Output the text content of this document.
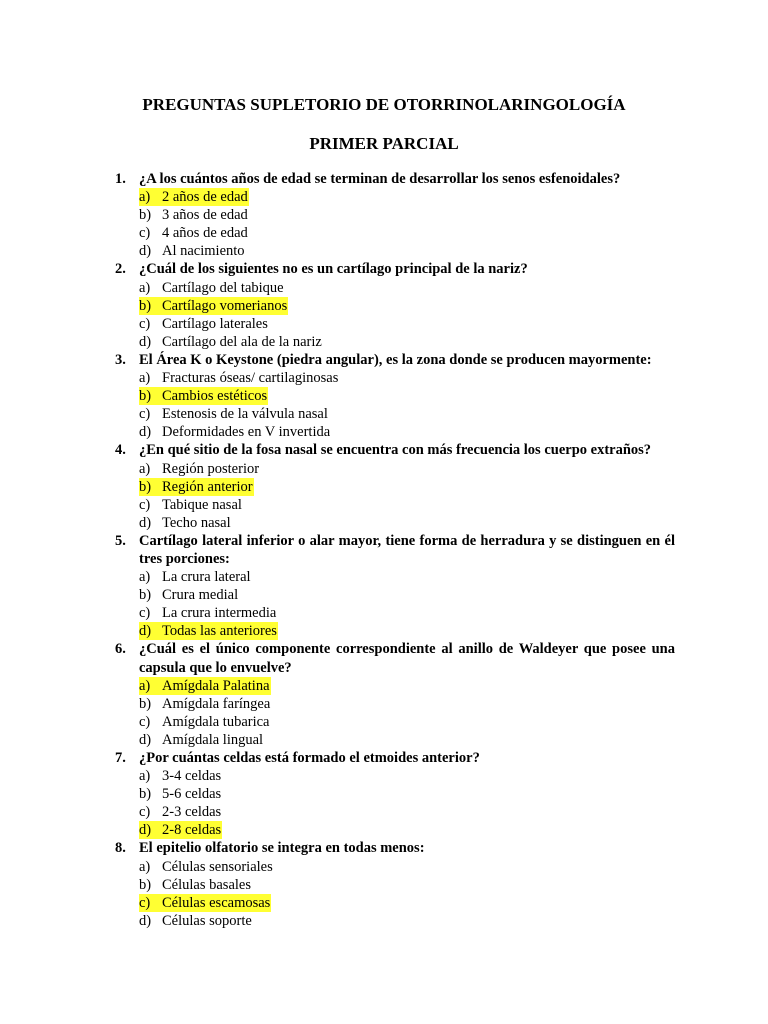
PREGUNTAS SUPLETORIO DE OTORRINOLARINGOLOGÍA
PRIMER PARCIAL
1. ¿A los cuántos años de edad se terminan de desarrollar los senos esfenoidales?
a) 2 años de edad
b) 3 años de edad
c) 4 años de edad
d) Al nacimiento
2. ¿Cuál de los siguientes no es un cartílago principal de la nariz?
a) Cartílago del tabique
b) Cartílago vomerianos
c) Cartílago laterales
d) Cartílago del ala de la nariz
3. El Área K o Keystone (piedra angular), es la zona donde se producen mayormente:
a) Fracturas óseas/ cartilaginosas
b) Cambios estéticos
c) Estenosis de la válvula nasal
d) Deformidades en V invertida
4. ¿En qué sitio de la fosa nasal se encuentra con más frecuencia los cuerpo extraños?
a) Región posterior
b) Región anterior
c) Tabique nasal
d) Techo nasal
5. Cartílago lateral inferior o alar mayor, tiene forma de herradura y se distinguen en él tres porciones:
a) La crura lateral
b) Crura medial
c) La crura intermedia
d) Todas las anteriores
6. ¿Cuál es el único componente correspondiente al anillo de Waldeyer que posee una capsula que lo envuelve?
a) Amígdala Palatina
b) Amígdala faríngea
c) Amígdala tubarica
d) Amígdala lingual
7. ¿Por cuántas celdas está formado el etmoides anterior?
a) 3-4 celdas
b) 5-6 celdas
c) 2-3 celdas
d) 2-8 celdas
8. El epitelio olfatorio se integra en todas menos:
a) Células sensoriales
b) Células basales
c) Células escamosas
d) Células soporte
